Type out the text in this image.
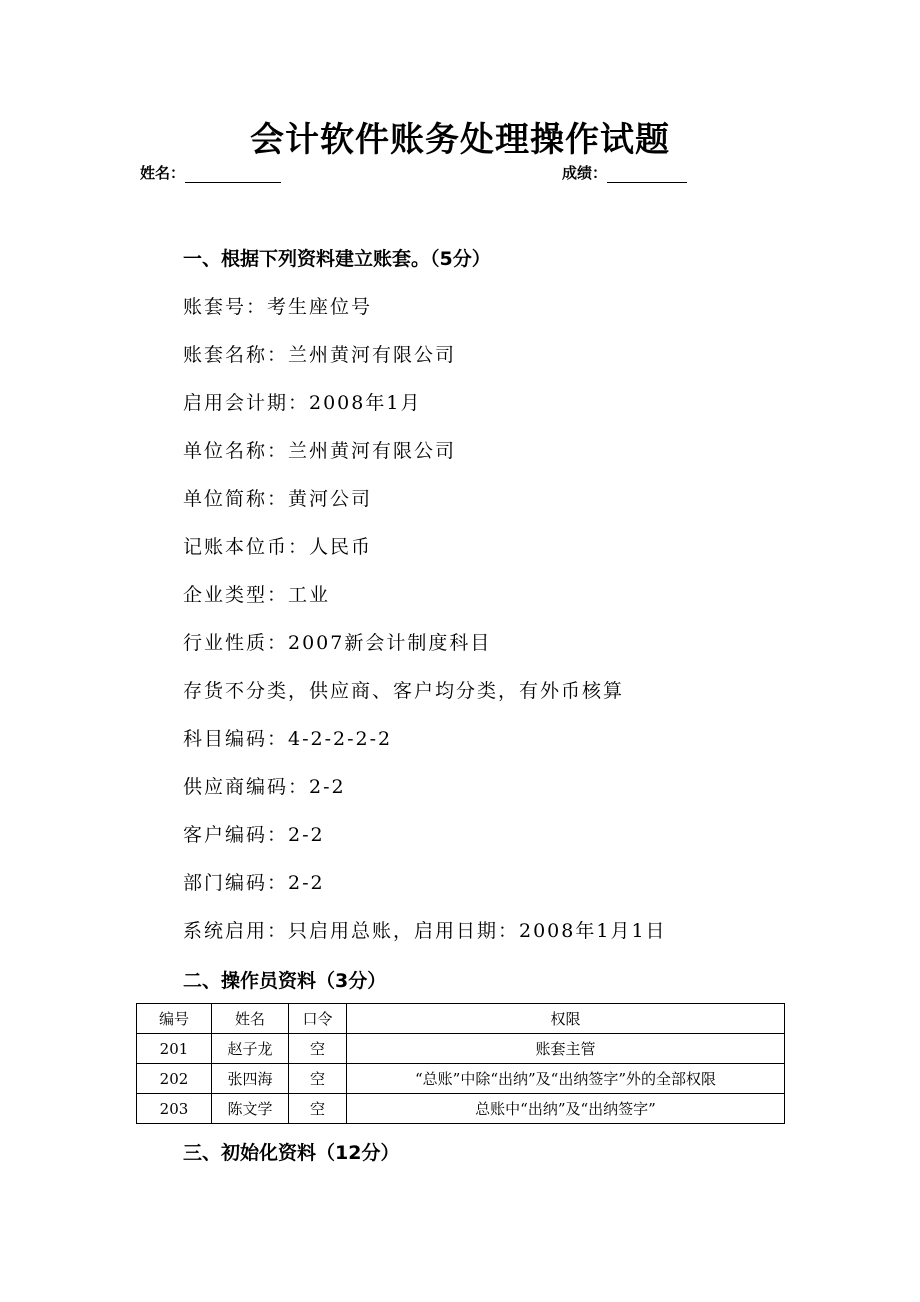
会计软件账务处理操作试题
姓名：	成绩：
一、根据下列资料建立账套。（5分）
账套号：考生座位号
账套名称：兰州黄河有限公司
启用会计期：2008年1月
单位名称：兰州黄河有限公司
单位简称：黄河公司
记账本位币：人民币
企业类型：工业
行业性质：2007新会计制度科目
存货不分类，供应商、客户均分类，有外币核算
科目编码：4-2-2-2-2
供应商编码：2-2
客户编码：2-2
部门编码：2-2
系统启用：只启用总账，启用日期：2008年1月1日
二、操作员资料（3分）
编号	姓名	口令	权限
201	赵子龙	空	账套主管
202	张四海	空	“总账”中除“出纳”及“出纳签字”外的全部权限
203	陈文学	空	总账中“出纳”及“出纳签字”
三、初始化资料（12分）
